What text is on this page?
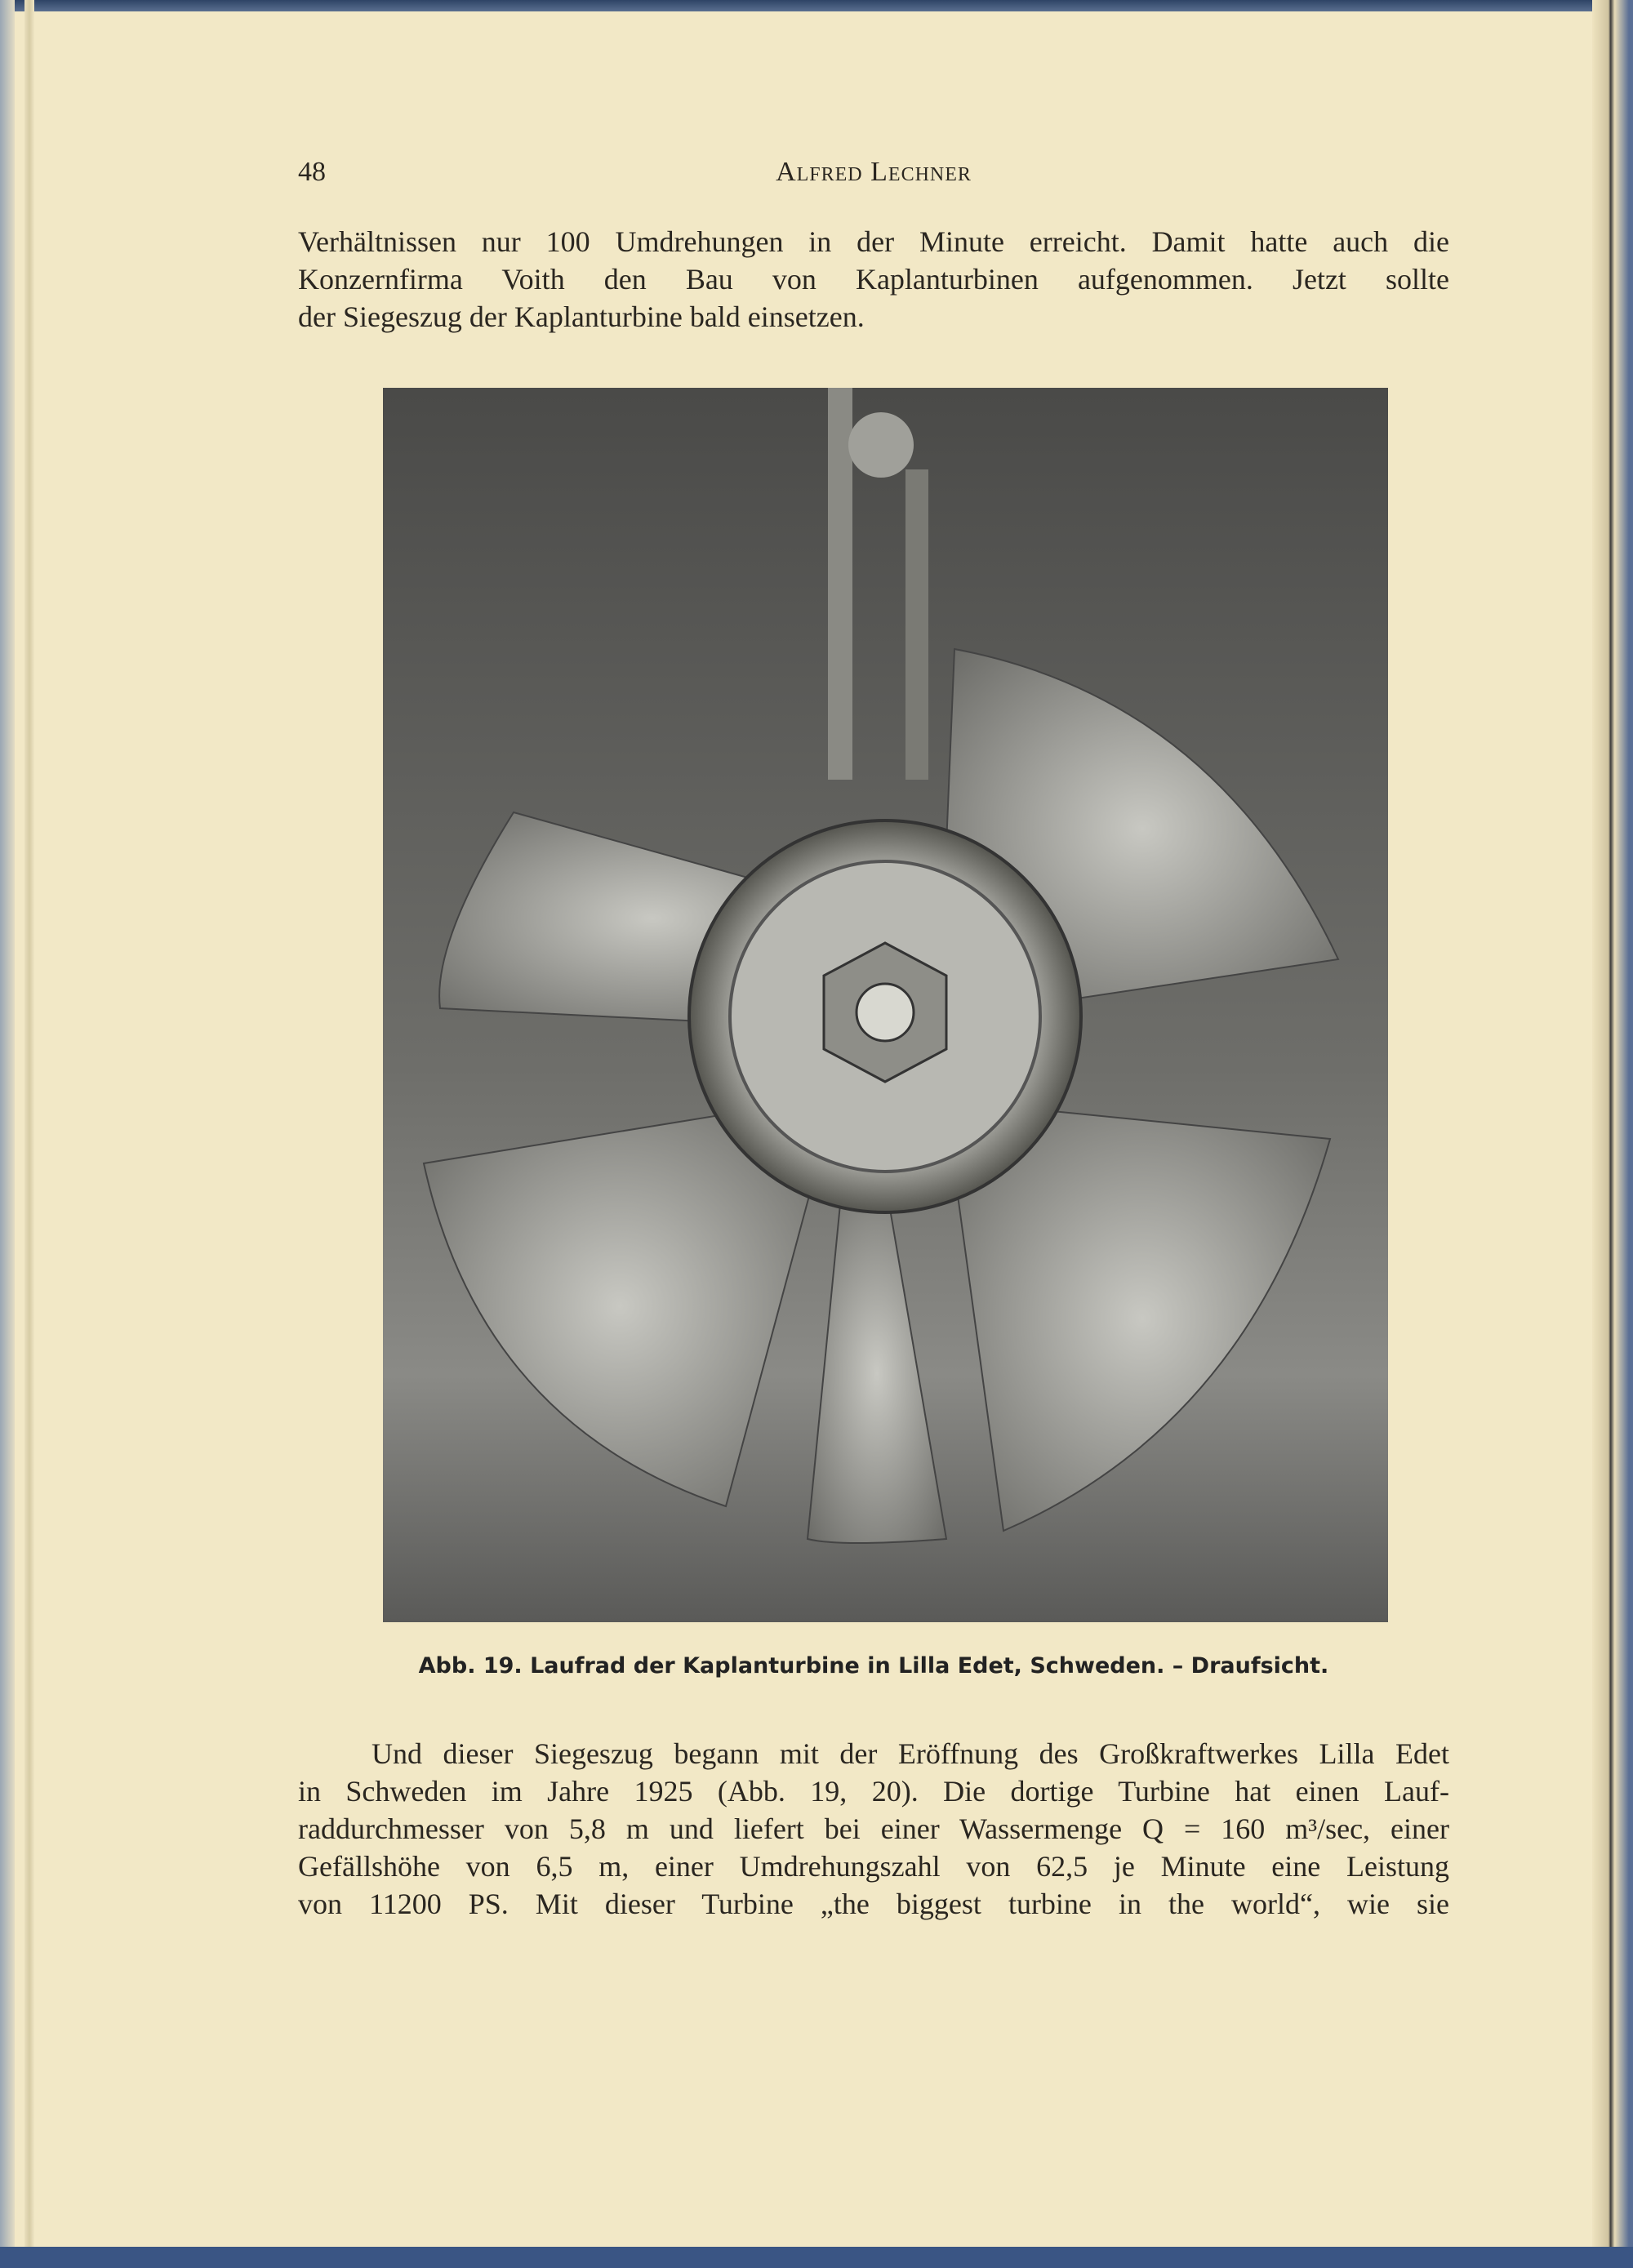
48	Alfred Lechner
Verhältnissen nur 100 Umdrehungen in der Minute erreicht. Damit hatte auch die
Konzernfirma Voith den Bau von Kaplanturbinen aufgenommen. Jetzt sollte
der Siegeszug der Kaplanturbine bald einsetzen.
Abb. 19. Laufrad der Kaplanturbine in Lilla Edet, Schweden. – Draufsicht.
Und dieser Siegeszug begann mit der Eröffnung des Großkraftwerkes Lilla Edet
in Schweden im Jahre 1925 (Abb. 19, 20). Die dortige Turbine hat einen Lauf-
raddurchmesser von 5,8 m und liefert bei einer Wassermenge Q = 160 m³/sec, einer
Gefällshöhe von 6,5 m, einer Umdrehungszahl von 62,5 je Minute eine Leistung
von 11200 PS. Mit dieser Turbine „the biggest turbine in the world“, wie sie
